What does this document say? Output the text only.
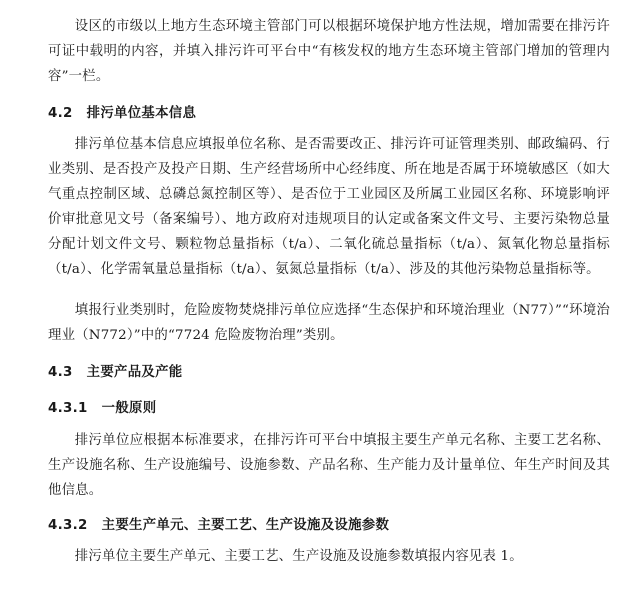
设区的市级以上地方生态环境主管部门可以根据环境保护地方性法规，增加需要在排污许可证中载明的内容，并填入排污许可平台中“有核发权的地方生态环境主管部门增加的管理内容”一栏。

4.2 排污单位基本信息

排污单位基本信息应填报单位名称、是否需要改正、排污许可证管理类别、邮政编码、行业类别、是否投产及投产日期、生产经营场所中心经纬度、所在地是否属于环境敏感区（如大气重点控制区域、总磷总氮控制区等）、是否位于工业园区及所属工业园区名称、环境影响评价审批意见文号（备案编号）、地方政府对违规项目的认定或备案文件文号、主要污染物总量分配计划文件文号、颗粒物总量指标（t/a）、二氧化硫总量指标（t/a）、氮氧化物总量指标（t/a）、化学需氧量总量指标（t/a）、氨氮总量指标（t/a）、涉及的其他污染物总量指标等。

填报行业类别时，危险废物焚烧排污单位应选择“生态保护和环境治理业（N77）”“环境治理业（N772）”中的“7724 危险废物治理”类别。

4.3 主要产品及产能
4.3.1 一般原则

排污单位应根据本标准要求，在排污许可平台中填报主要生产单元名称、主要工艺名称、生产设施名称、生产设施编号、设施参数、产品名称、生产能力及计量单位、年生产时间及其他信息。

4.3.2 主要生产单元、主要工艺、生产设施及设施参数

排污单位主要生产单元、主要工艺、生产设施及设施参数填报内容见表 1。
